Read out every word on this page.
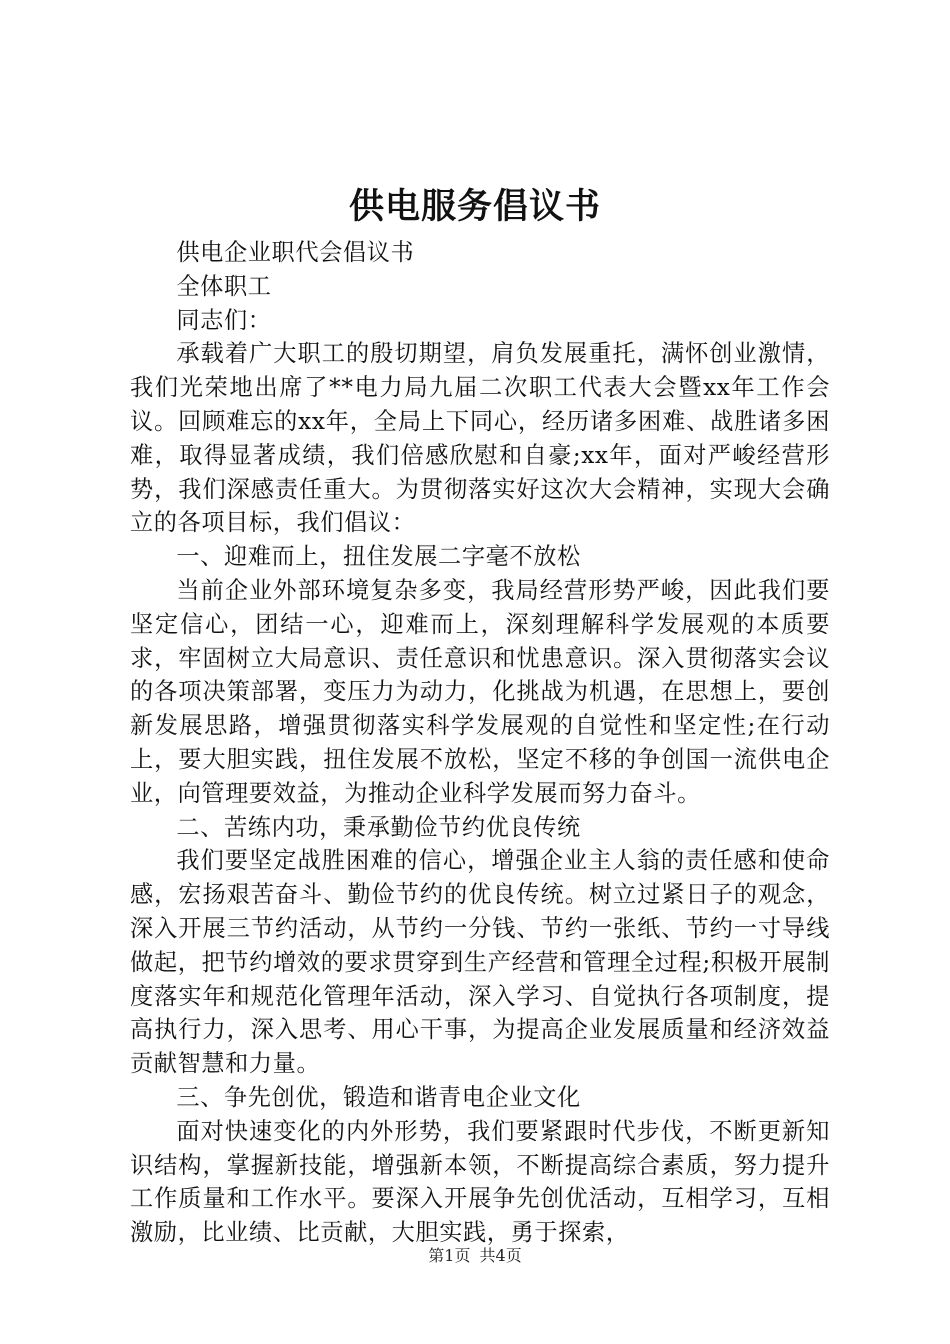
供电服务倡议书

供电企业职代会倡议书

全体职工

同志们：

承载着广大职工的殷切期望，肩负发展重托，满怀创业激情，我们光荣地出席了**电力局九届二次职工代表大会暨xx年工作会议。回顾难忘的xx年，全局上下同心，经历诸多困难、战胜诸多困难，取得显著成绩，我们倍感欣慰和自豪;xx年，面对严峻经营形势，我们深感责任重大。为贯彻落实好这次大会精神，实现大会确立的各项目标，我们倡议：

一、迎难而上，扭住发展二字毫不放松

当前企业外部环境复杂多变，我局经营形势严峻，因此我们要坚定信心，团结一心，迎难而上，深刻理解科学发展观的本质要求，牢固树立大局意识、责任意识和忧患意识。深入贯彻落实会议的各项决策部署，变压力为动力，化挑战为机遇，在思想上，要创新发展思路，增强贯彻落实科学发展观的自觉性和坚定性;在行动上，要大胆实践，扭住发展不放松，坚定不移的争创国一流供电企业，向管理要效益，为推动企业科学发展而努力奋斗。

二、苦练内功，秉承勤俭节约优良传统

我们要坚定战胜困难的信心，增强企业主人翁的责任感和使命感，宏扬艰苦奋斗、勤俭节约的优良传统。树立过紧日子的观念，深入开展三节约活动，从节约一分钱、节约一张纸、节约一寸导线做起，把节约增效的要求贯穿到生产经营和管理全过程;积极开展制度落实年和规范化管理年活动，深入学习、自觉执行各项制度，提高执行力，深入思考、用心干事，为提高企业发展质量和经济效益贡献智慧和力量。

三、争先创优，锻造和谐青电企业文化

面对快速变化的内外形势，我们要紧跟时代步伐，不断更新知识结构，掌握新技能，增强新本领，不断提高综合素质，努力提升工作质量和工作水平。要深入开展争先创优活动，互相学习，互相激励，比业绩、比贡献，大胆实践，勇于探索，

第1页 共4页
